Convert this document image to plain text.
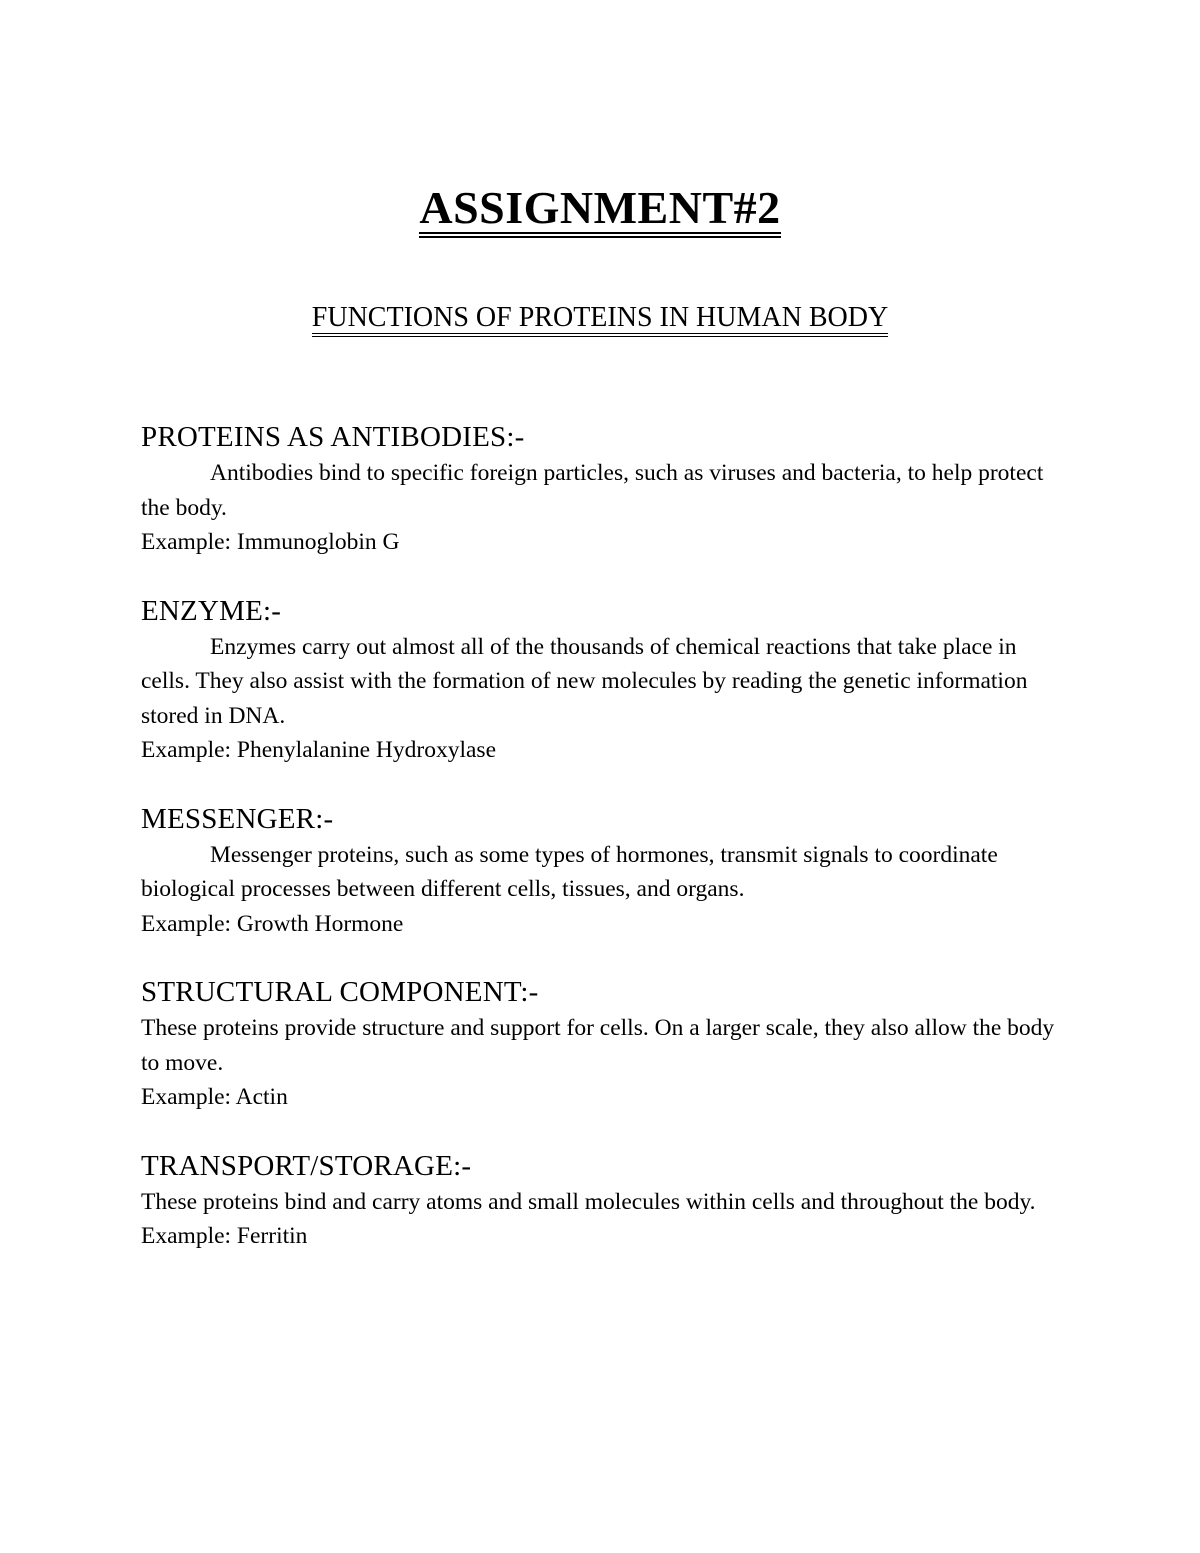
ASSIGNMENT#2
FUNCTIONS OF PROTEINS IN HUMAN BODY
PROTEINS AS ANTIBODIES:-

Antibodies bind to specific foreign particles, such as viruses and bacteria, to help protect the body.

Example: Immunoglobin G
ENZYME:-

Enzymes carry out almost all of the thousands of chemical reactions that take place in cells. They also assist with the formation of new molecules by reading the genetic information stored in DNA.

Example: Phenylalanine Hydroxylase
MESSENGER:-

Messenger proteins, such as some types of hormones, transmit signals to coordinate biological processes between different cells, tissues, and organs.

Example: Growth Hormone
STRUCTURAL COMPONENT:-

These proteins provide structure and support for cells. On a larger scale, they also allow the body to move.

Example: Actin
TRANSPORT/STORAGE:-

These proteins bind and carry atoms and small molecules within cells and throughout the body.

Example: Ferritin
